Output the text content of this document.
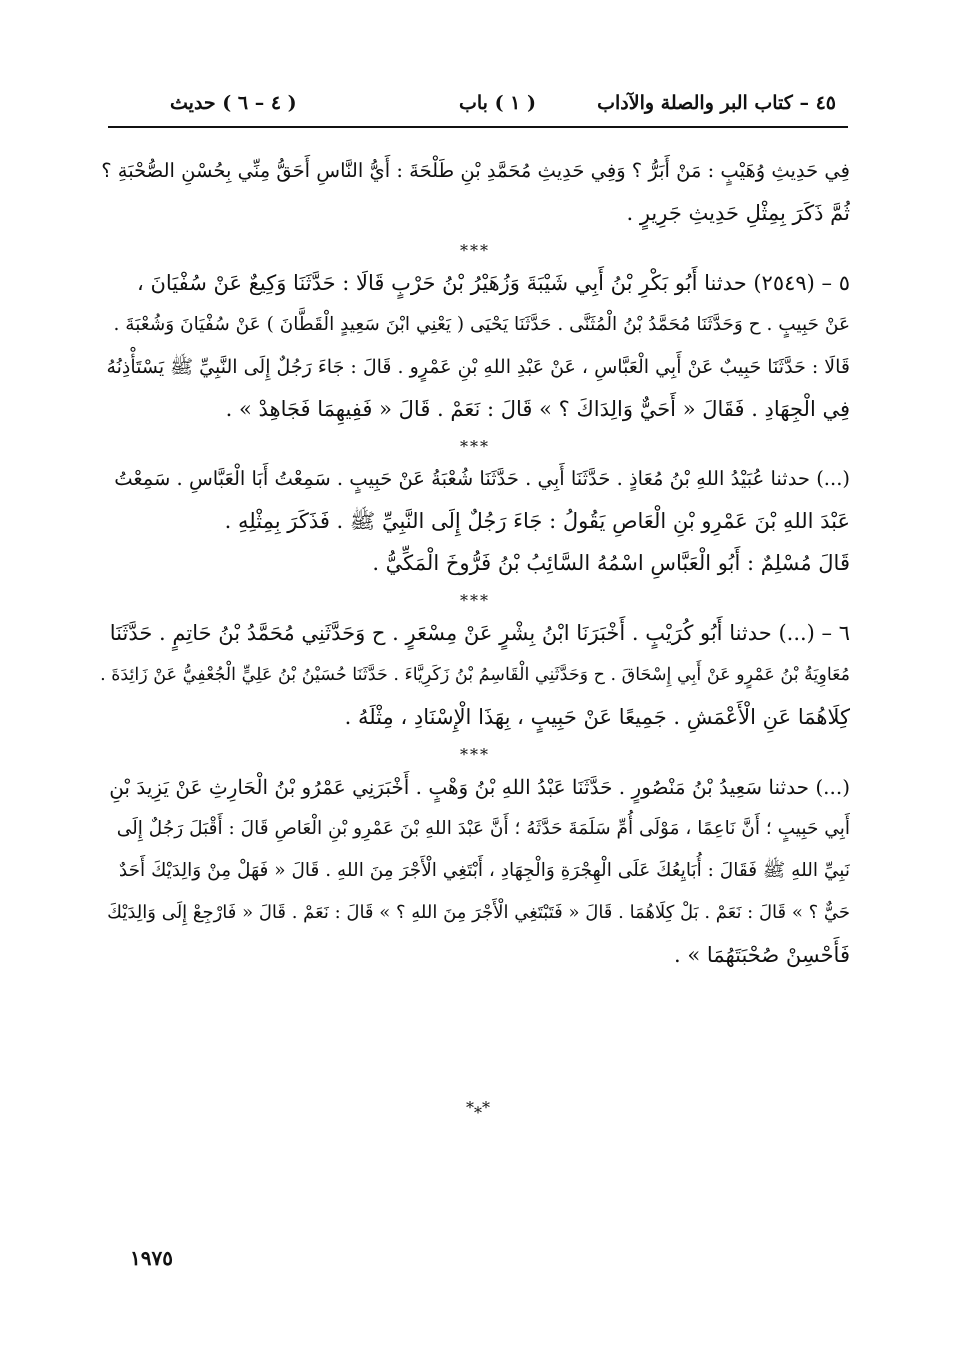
٤٥ – كتاب البر والصلة والآداب
( ١ ) باب
( ٤ – ٦ ) حديث
فِي حَدِيثِ وُهَيْبٍ : مَنْ أَبَرُّ ؟ وَفِي حَدِيثِ مُحَمَّدِ بْنِ طَلْحَةَ : أَيُّ النَّاسِ أَحَقُّ مِنِّي بِحُسْنِ الصُّحْبَةِ ؟
ثُمَّ ذَكَرَ بِمِثْلِ حَدِيثِ جَرِيرٍ .
***
٥ – (٢٥٤٩) حدثنا أَبُو بَكْرِ بْنُ أَبِي شَيْبَةَ وَزُهَيْرُ بْنُ حَرْبٍ قَالَا : حَدَّثَنَا وَكِيعٌ عَنْ سُفْيَانَ ،
عَنْ حَبِيبٍ . ح وَحَدَّثَنَا مُحَمَّدُ بْنُ الْمُثَنَّى . حَدَّثَنَا يَحْيَى ( يَعْنِي ابْنَ سَعِيدٍ الْقَطَّانَ ) عَنْ سُفْيَانَ وَشُعْبَةَ .
قَالَا : حَدَّثَنَا حَبِيبٌ عَنْ أَبِي الْعَبَّاسِ ، عَنْ عَبْدِ اللهِ بْنِ عَمْرٍو . قَالَ : جَاءَ رَجُلٌ إِلَى النَّبِيِّ ﷺ يَسْتَأْذِنُهُ
فِي الْجِهَادِ . فَقَالَ « أَحَيٌّ وَالِدَاكَ ؟ » قَالَ : نَعَمْ . قَالَ « فَفِيهِمَا فَجَاهِدْ » .
***
(...) حدثنا عُبَيْدُ اللهِ بْنُ مُعَاذٍ . حَدَّثَنَا أَبِي . حَدَّثَنَا شُعْبَةُ عَنْ حَبِيبٍ . سَمِعْتُ أَبَا الْعَبَّاسِ . سَمِعْتُ
عَبْدَ اللهِ بْنَ عَمْرِو بْنِ الْعَاصِ يَقُولُ : جَاءَ رَجُلٌ إِلَى النَّبِيِّ ﷺ . فَذَكَرَ بِمِثْلِهِ .
قَالَ مُسْلِمٌ : أَبُو الْعَبَّاسِ اسْمُهُ السَّائِبُ بْنُ فَرُّوخَ الْمَكِّيُّ .
***
٦ – (...) حدثنا أَبُو كُرَيْبٍ . أَخْبَرَنَا ابْنُ بِشْرٍ عَنْ مِسْعَرٍ . ح وَحَدَّثَنِي مُحَمَّدُ بْنُ حَاتِمٍ . حَدَّثَنَا
مُعَاوِيَةُ بْنُ عَمْرٍو عَنْ أَبِي إِسْحَاقَ . ح وَحَدَّثَنِي الْقَاسِمُ بْنُ زَكَرِيَّاءَ . حَدَّثَنَا حُسَيْنُ بْنُ عَلِيٍّ الْجُعْفِيُّ عَنْ زَائِدَةَ .
كِلَاهُمَا عَنِ الْأَعْمَشِ . جَمِيعًا عَنْ حَبِيبٍ ، بِهَذَا الْإِسْنَادِ ، مِثْلَهُ .
***
(...) حدثنا سَعِيدُ بْنُ مَنْصُورٍ . حَدَّثَنَا عَبْدُ اللهِ بْنُ وَهْبٍ . أَخْبَرَنِي عَمْرُو بْنُ الْحَارِثِ عَنْ يَزِيدَ بْنِ
أَبِي حَبِيبٍ ؛ أَنَّ نَاعِمًا ، مَوْلَى أُمِّ سَلَمَةَ حَدَّثَهُ ؛ أَنَّ عَبْدَ اللهِ بْنَ عَمْرِو بْنِ الْعَاصِ قَالَ : أَقْبَلَ رَجُلٌ إِلَى
نَبِيِّ اللهِ ﷺ فَقَالَ : أُبَايِعُكَ عَلَى الْهِجْرَةِ وَالْجِهَادِ ، أَبْتَغِي الْأَجْرَ مِنَ اللهِ . قَالَ « فَهَلْ مِنْ وَالِدَيْكَ أَحَدٌ
حَيٌّ ؟ » قَالَ : نَعَمْ . بَلْ كِلَاهُمَا . قَالَ « فَتَبْتَغِي الْأَجْرَ مِنَ اللهِ ؟ » قَالَ : نَعَمْ . قَالَ « فَارْجِعْ إِلَى وَالِدَيْكَ
فَأَحْسِنْ صُحْبَتَهُمَا » .
*⁎*
١٩٧٥
